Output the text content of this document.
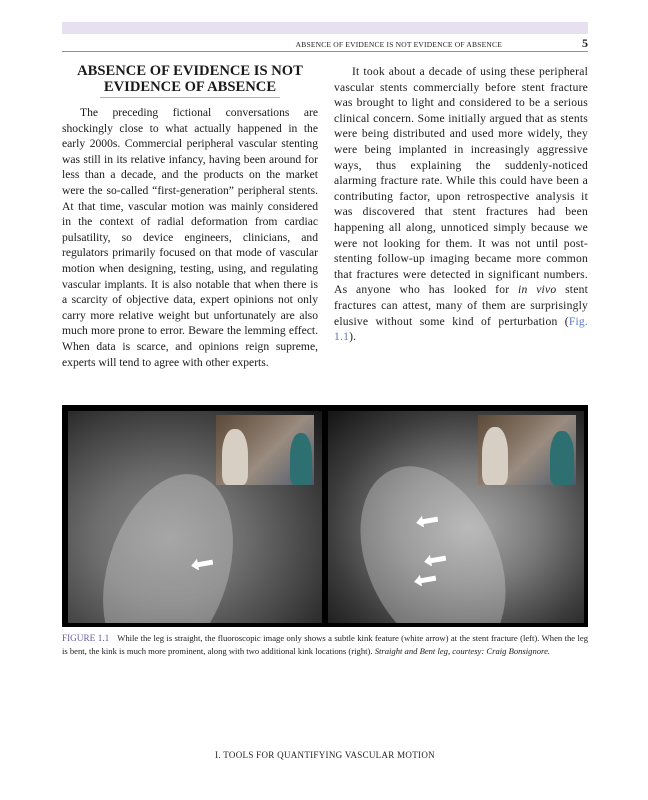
ABSENCE OF EVIDENCE IS NOT EVIDENCE OF ABSENCE	5
ABSENCE OF EVIDENCE IS NOT EVIDENCE OF ABSENCE

The preceding fictional conversations are shockingly close to what actually happened in the early 2000s. Commercial peripheral vascular stenting was still in its relative infancy, having been around for less than a decade, and the products on the market were the so-called “first-generation” peripheral stents. At that time, vascular motion was mainly considered in the context of radial deformation from cardiac pulsatility, so device engineers, clinicians, and regulators primarily focused on that mode of vascular motion when designing, testing, using, and regulating vascular implants. It is also notable that when there is a scarcity of objective data, expert opinions not only carry more relative weight but unfortunately are also much more prone to error. Beware the lemming effect. When data is scarce, and opinions reign supreme, experts will tend to agree with other experts.

It took about a decade of using these peripheral vascular stents commercially before stent fracture was brought to light and considered to be a serious clinical concern. Some initially argued that as stents were being distributed and used more widely, they were being implanted in increasingly aggressive ways, thus explaining the suddenly-noticed alarming fracture rate. While this could have been a contributing factor, upon retrospective analysis it was discovered that stent fractures had been happening all along, unnoticed simply because we were not looking for them. It was not until post-stenting follow-up imaging became more common that fractures were detected in significant numbers. As anyone who has looked for in vivo stent fractures can attest, many of them are surprisingly elusive without some kind of perturbation (Fig. 1.1).

FIGURE 1.1 While the leg is straight, the fluoroscopic image only shows a subtle kink feature (white arrow) at the stent fracture (left). When the leg is bent, the kink is much more prominent, along with two additional kink locations (right). Straight and Bent leg, courtesy: Craig Bonsignore.
I. TOOLS FOR QUANTIFYING VASCULAR MOTION
